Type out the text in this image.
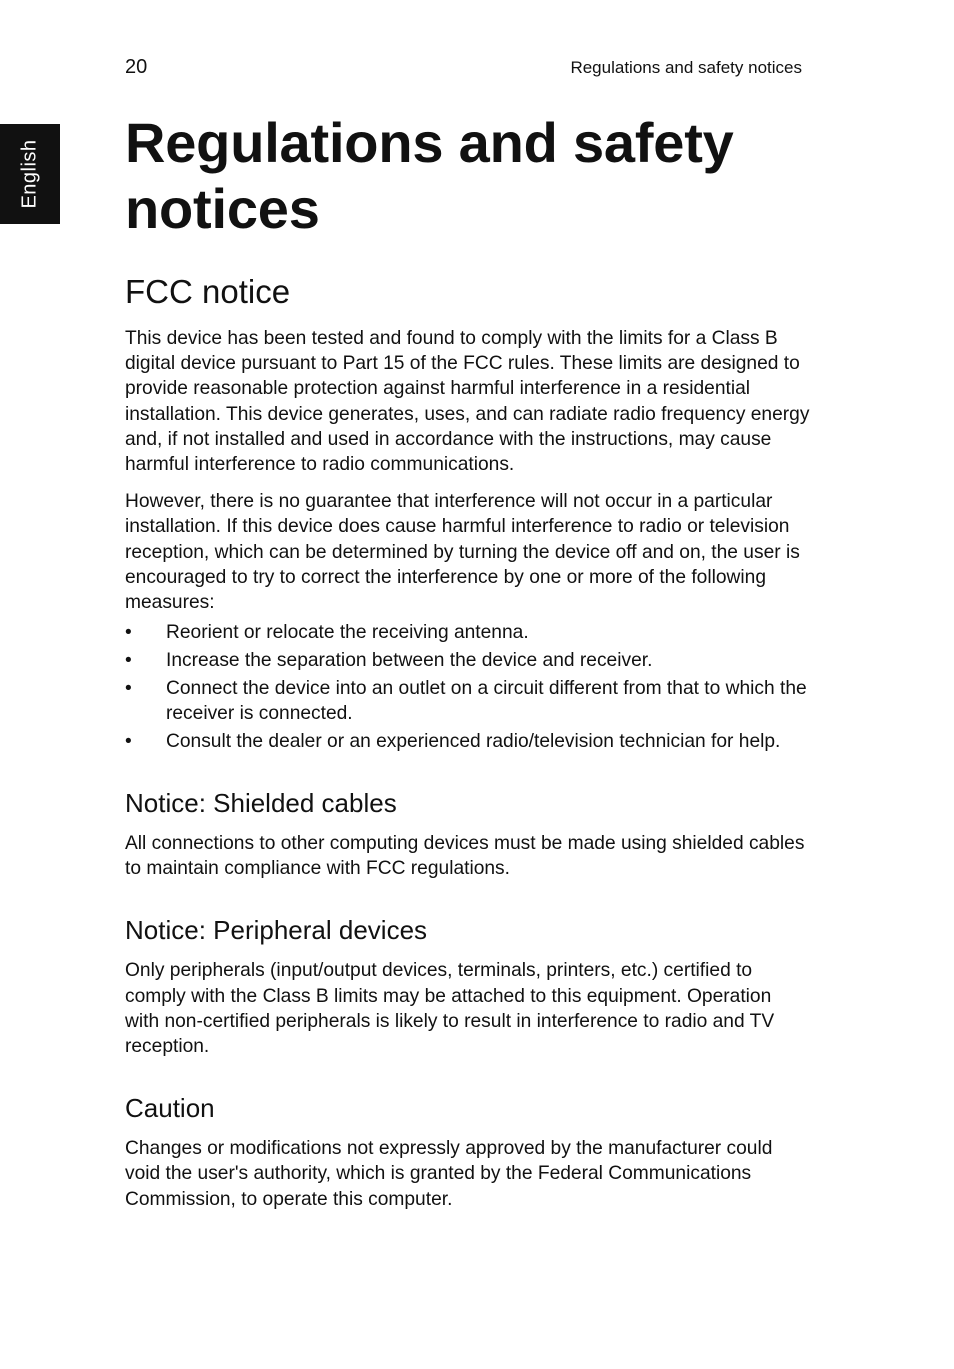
English
20	Regulations and safety notices
Regulations and safety notices
FCC notice

This device has been tested and found to comply with the limits for a Class B digital device pursuant to Part 15 of the FCC rules. These limits are designed to provide reasonable protection against harmful interference in a residential installation. This device generates, uses, and can radiate radio frequency energy and, if not installed and used in accordance with the instructions, may cause harmful interference to radio communications.

However, there is no guarantee that interference will not occur in a particular installation. If this device does cause harmful interference to radio or television reception, which can be determined by turning the device off and on, the user is encouraged to try to correct the interference by one or more of the following measures:

• Reorient or relocate the receiving antenna.
• Increase the separation between the device and receiver.
• Connect the device into an outlet on a circuit different from that to which the receiver is connected.
• Consult the dealer or an experienced radio/television technician for help.
Notice: Shielded cables

All connections to other computing devices must be made using shielded cables to maintain compliance with FCC regulations.

Notice: Peripheral devices

Only peripherals (input/output devices, terminals, printers, etc.) certified to comply with the Class B limits may be attached to this equipment. Operation with non-certified peripherals is likely to result in interference to radio and TV reception.

Caution

Changes or modifications not expressly approved by the manufacturer could void the user's authority, which is granted by the Federal Communications Commission, to operate this computer.
